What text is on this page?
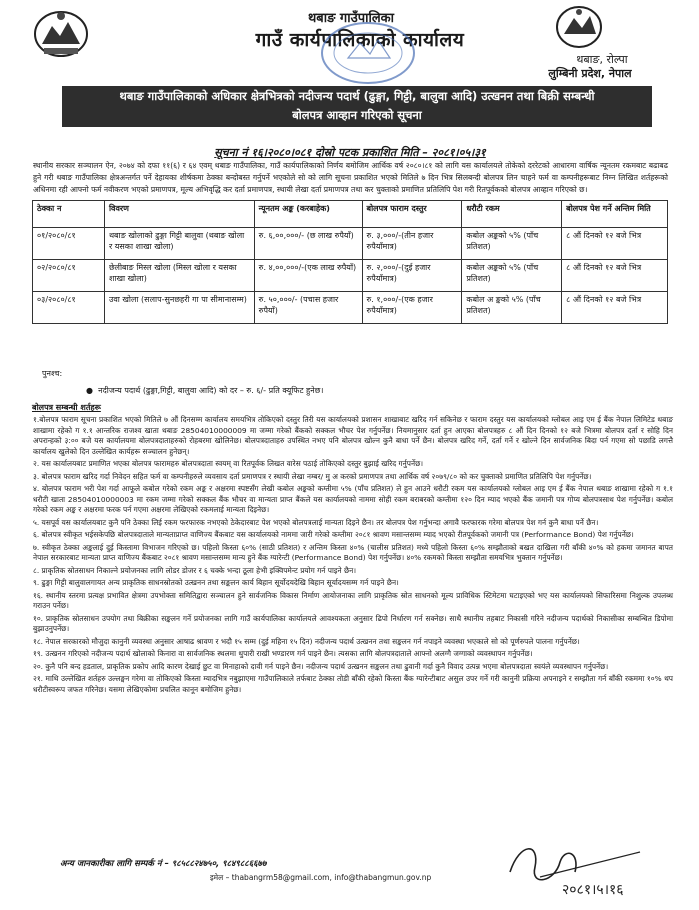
थबाङ गाउँपालिका
गाउँ कार्यपालिकाको कार्यालय
थबाङ, रोल्पा
लुम्बिनी प्रदेश, नेपाल
थबाङ गाउँपालिकाको अधिकार क्षेत्रभित्रको नदीजन्य पदार्थ (ढुङ्गा, गिट्टी, बालुवा आदि) उत्खनन तथा बिक्री सम्बन्धी
बोलपत्र आव्हान गरिएको सूचना
सूचना नं १६।२०८०।०८१ दोस्रो पटक प्रकाशित मिति – २०८१।०५।३१
स्थानीय सरकार सञ्चालन ऐन, २०७४ को दफा ११(६) र ६४ एवम् थबाङ गाउँपालिका, गाउँ कार्यपालिकाको निर्णय बमोजिम आर्थिक वर्ष २०८०।८१ को लागि यस कार्यालयले तोकेको दररेटको आधारमा वार्षिक न्यूनतम रकमबाट बढाबढ हुने गरी थबाङ गाउँपालिका क्षेत्रअन्तर्गत पर्ने देहायका शीर्षकमा ठेक्का बन्दोबस्त गर्नुपर्ने भएकोले सो को लागि सूचना प्रकाशित भएको मितिले ७ दिन भित्र सिलबन्दी बोलपत्र लिन चाहने फर्म वा कम्पनीहरूबाट निम्न लिखित शर्तहरूको अधिनमा रही आफ्नो फर्म नवीकरण भएको प्रमाणपत्र, मूल्य अभिवृद्धि कर दर्ता प्रमाणपत्र, स्थायी लेखा दर्ता प्रमाणपत्र तथा कर चुक्ताको प्रमाणित प्रतिलिपि पेश गरी रितपूर्वकको बोलपत्र आव्हान गरिएको छ।
ठेक्का न	विवरण	न्यूनतम अङ्क (करबाहेक)	बोलपत्र फाराम दस्तुर	धरौटी रकम	बोलपत्र पेश गर्ने अन्तिम मिति
०१/२०८०/८१	थबाङ खोलाको ढुङ्गा गिट्टी बालुवा (थबाङ खोला र यसका शाखा खोला)	रु. ६,००,०००/- (छ लाख रुपैयाँ)	रु. ३,०००/-(तीन हजार रुपैयाँमात्र)	कबोल अङ्कको ५% (पाँच प्रतिशत)	८ औं दिनको १२ बजे भित्र
०२/२०८०/८१	छेलीबाङ मिस्ल खोला (मिस्ल खोला र यसका शाखा खोला)	रु. ४,००,०००/-(एक लाख रुपैयाँ)	रु. २,०००/-(दुई हजार रुपैयाँमात्र)	कबोल अङ्कको ५% (पाँच प्रतिशत)	८ औं दिनको १२ बजे भित्र
०३/२०८०/८१	उवा खोला (सलाप-सुनछहरी गा पा सीमानासम्म)	रु. ५०,०००/- (पचास हजार रुपैयाँ)	रु. १,०००/-(एक हजार रुपैयाँमात्र)	कबोल अ ङ्कको ५% (पाँच प्रतिशत)	८ औं दिनको १२ बजे भित्र
पुनश्च:
●  नदीजन्य पदार्थ (ढुङ्गा,गिट्टी, बालुवा आदि) को दर – रु. ६/- प्रति क्यूफिट हुनेछ।
बोलपत्र सम्बन्धी शर्तहरू
१.बोलपत्र फाराम सूचना प्रकाशित भएको मितिले ७ औं दिनसम्म कार्यालय समयभित्र तोकिएको दस्तुर तिरी यस कार्यालयको प्रशासन शाखाबाट खरिद गर्न सकिनेछ र फाराम दस्तुर यस कार्यालयको म्लोबल आइ एम ई बैंक नेपाल लिमिटेड थबाङ शाखामा रहेको ग १.१ आन्तरिक राजश्व खाता थबाङ 28504010000009 मा जम्मा गरेको बैंकको सक्कल भौचर पेश गर्नुपर्नेछ। नियमानुसार दर्ता हुन आएका बोलपत्रहरु ८ औं दिन दिनको १२ बजे भित्रमा बोलपत्र दर्ता र सोहि दिन अपरान्हको ३:०० बजे यस कार्यालयमा बोलपत्रदाताहरुको रोहबरमा खोलिनेछ। बोलपत्रदाताहरु उपस्थित नभए पनि बोलपत्र खोल्न कुनै बाधा पर्ने छैन। बोलपत्र खरिद गर्ने, दर्ता गर्ने र खोल्ने दिन सार्वजनिक बिदा पर्न गएमा सो पछाडि लगत्तै कार्यालय खुलेको दिन उल्लेखित कार्यहरू सञ्चालन हुनेछन्।
२. यस कार्यालयबाट प्रमाणित भएका बोलपत्र फारामहरु बोलपत्रदाता स्वयम् वा रितपूर्वक लिखत वारेस पठाई तोकिएको दस्तुर बुझाई खरिद गर्नुपर्नेछ।
३. बोलपत्र फाराम खरिद गर्दा निवेदन सहित फर्म वा कम्पनीहरुले व्यवसाय दर्ता प्रमाणपत्र र स्थायी लेखा नम्बर/ मु अ करको प्रमाणपत्र तथा आर्थिक वर्ष २०७९/८० को कर चुक्ताको प्रमाणित प्रतिलिपि पेश गर्नुपर्नेछ।
४. बोलपत्र फाराम भरी पेश गर्दा आफूले कबोल गरेको रकम अङ्क र अक्षरमा स्पष्टसँग लेखी कबोल अङ्कको कम्तीमा ५% (पाँच प्रतिशत) ले हुन आउने धरौटी रकम यस कार्यालयको ग्लोबल आइ एम ई बैंक नेपाल थबाङ शाखामा रहेको ग १.१ धरौटी खाता 28504010000003 मा रकम जम्मा गरेको सक्कल बैंक भौचर वा मान्यता प्राप्त बैंकले यस कार्यालयको नाममा सोही रकम बराबरको कम्तीमा १२० दिन म्याद भएको बैंक जमानी पत्र गोप्य बोलपत्रसाथ पेश गर्नुपर्नेछ। कबोल गरेको रकम अङ्क र अक्षरमा फरक पर्न गएमा अक्षरमा लेखिएको रकमलाई मान्यता दिइनेछ।
५. यसपूर्व यस कार्यालयबाट कुनै पनि ठेक्का लिई रकम फरफारक नभएको ठेकेदारबाट पेश भएको बोलपत्रलाई मान्यता दिइने छैन। तर बोलपत्र पेश गर्नुभन्दा अगावै फरफारक गरेमा बोलपत्र पेश गर्न कुनै बाधा पर्ने छैन।
६. बोलपत्र स्वीकृत भईसकेपछि बोलपत्रदाताले मान्यताप्राप्त वाणिज्य बैंकबाट यस कार्यालयको नाममा जारी गरेको कम्तीमा २०८१ श्रावण मसान्तसम्म म्याद भएको रीतपूर्वकको जमानी पत्र (Performance Bond) पेश गर्नुपर्नेछ।
७. स्वीकृत ठेक्का अङ्कलाई दुई किस्तामा विभाजन गरिएको छ। पहिलो किस्ता ६०% (साठी प्रतिशत) र अन्तिम किस्ता ४०% (चालीस प्रतिशत) मध्ये पहिलो किस्ता ६०% सम्झौताको बखत दाखिला गरी बाँकी ४०% को हकमा जमानत बापत नेपाल सरकारबाट मान्यता प्राप्त वाणिज्य बैंकबाट २०८१ श्रावण मसान्तसम्म मान्य हुने बैंक ग्यारेन्टी (Performance Bond) पेश गर्नुपर्नेछ। ४०% रकमको किस्ता सम्झौता समयभित्र भुक्तान गर्नुपर्नेछ।
८. प्राकृतिक स्रोतसाधन निकाल्ने प्रयोजनका लागि लोडर डोजर र ६ चक्के भन्दा ठूला हेभी इक्विपमेन्ट प्रयोग गर्न पाइने छैन।
९. ढुङ्गा गिट्टी बालुवालगायत अन्य प्राकृतिक साधनस्रोतको उत्खनन तथा सङ्कलन कार्य बिहान सूर्योदयदेखि बिहान सूर्यादयसम्म गर्न पाइने छैन।
१६. स्थानीय स्तरमा प्रत्यक्ष प्रभावित क्षेत्रमा उपभोक्ता समितिद्वारा सञ्चालन हुने सार्वजनिक विकास निर्माण आयोजनाका लागि प्राकृतिक स्रोत साधनको मूल्य प्राविधिक स्टिमेटमा घटाइएको भए यस कार्यालयको सिफारिसमा निशुल्क उपलब्ध गराउन पर्नेछ।
१०. प्राकृतिक स्रोतसाधन उपयोग तथा बिक्रीका सङ्कलन गर्ने प्रयोजनका लागि गाउँ कार्यपालिका कार्यालयले आवश्यकता अनुसार ढिपो निर्धारण गर्न सक्नेछ। साथै स्थानीय तहबाट निकासी गरिने नदीजन्य पदार्थको निकासीका सम्बन्धित डिपोमा बुझाउनुपर्नेछ।
१८. नेपाल सरकारको मौजुदा कानुनी व्यवस्था अनुसार आषाढ श्रावण र भदौ १५ सम्म (दुई महिना १५ दिन) नदीजन्य पदार्थ उत्खनन तथा सङ्कलन गर्न नपाइने व्यवस्था भएकाले सो को पूर्णरुपले पालना गर्नुपर्नेछ।
१९. उत्खनन गरिएको नदीजन्य पदार्थ खोलाको किनारा वा सार्वजनिक स्थलमा थुपारी राखी भण्डारण गर्न पाइने छैन। त्यसका लागि बोलपत्रदाताले आफ्नो अलग्गै जग्गाको व्यवस्थापन गर्नुपर्नेछ।
२०. कुनै पनि बन्द हडताल, प्राकृतिक प्रकोप आदि कारण देखाई छुट वा मिनाहाको दावी गर्न पाइने छैन। नदीजन्य पदार्थ उत्खनन सङ्कलन तथा ढुवानी गर्दा कुनै विवाद उत्पन्न भएमा बोलपत्रदाता स्वयंले व्यवस्थापन गर्नुपर्नेछ।
२१. माथि उल्लेखित शर्तहरु उल्लङ्घन गरेमा वा तोकिएको किस्ता म्यादभित्र नबुझाएमा गाउँपालिकाले तर्फबाट ठेक्का तोडी बाँकी रहेको किस्ता बैंक ग्यारेन्टीबाट असुल उपर गर्ने गरी कानुनी प्रक्रिया अपनाइने र सम्झौता गर्न बाँकी रकममा १०% थप धरौटीस्वरूप जफत गरिनेछ। यसमा लेखिएकोमा प्रचलित कानून बमोजिम हुनेछ।
अन्य जानकारीका लागि सम्पर्क नं – ९८५८८२४७५०, ९८४९८८६६७७
इमेल – thabangrm58@gmail.com, info@thabangmun.gov.np
२०८१।५।१६
